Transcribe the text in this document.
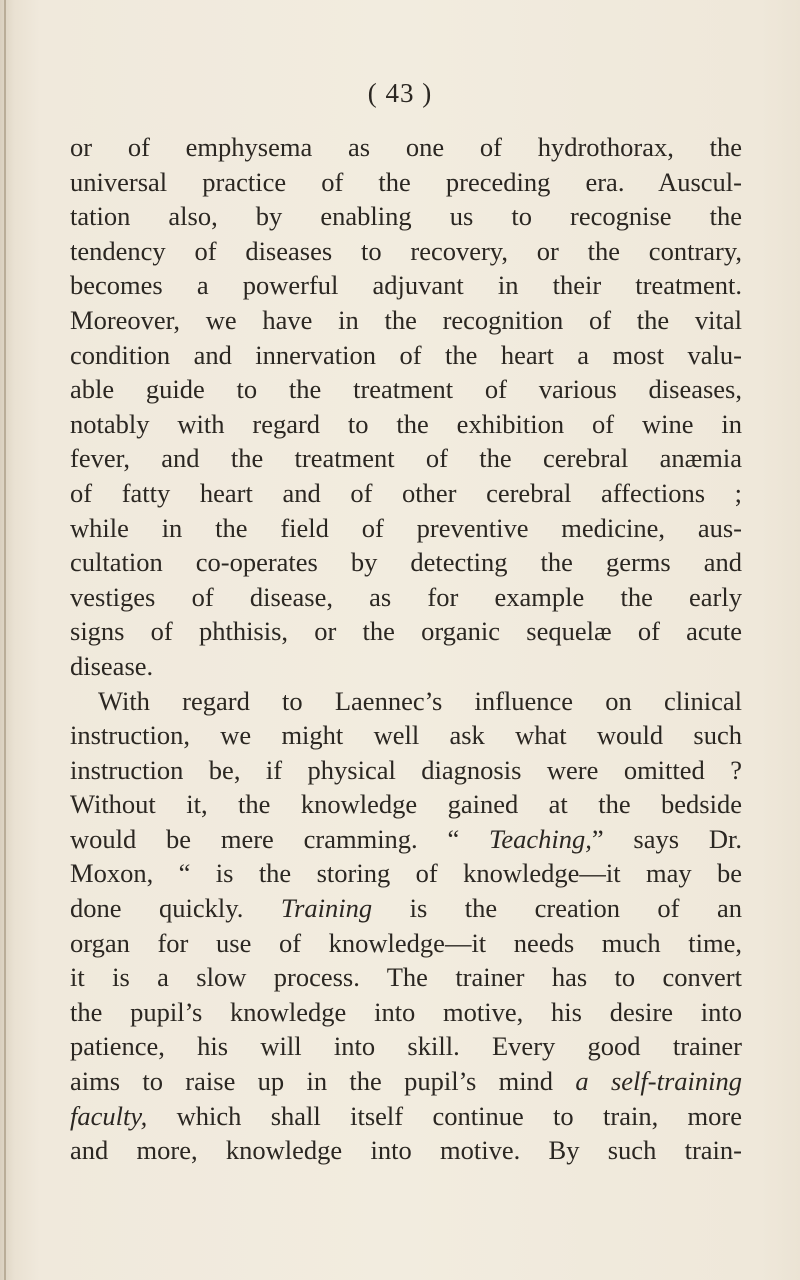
( 43 )
or of emphysema as one of hydrothorax, the
universal practice of the preceding era. Auscul-
tation also, by enabling us to recognise the
tendency of diseases to recovery, or the contrary,
becomes a powerful adjuvant in their treatment.
Moreover, we have in the recognition of the vital
condition and innervation of the heart a most valu-
able guide to the treatment of various diseases,
notably with regard to the exhibition of wine in
fever, and the treatment of the cerebral anæmia
of fatty heart and of other cerebral affections ;
while in the field of preventive medicine, aus-
cultation co-operates by detecting the germs and
vestiges of disease, as for example the early
signs of phthisis, or the organic sequelæ of acute
disease.
With regard to Laennec’s influence on clinical
instruction, we might well ask what would such
instruction be, if physical diagnosis were omitted ?
Without it, the knowledge gained at the bedside
would be mere cramming. “ Teaching,” says Dr.
Moxon, “ is the storing of knowledge—it may be
done quickly. Training is the creation of an
organ for use of knowledge—it needs much time,
it is a slow process. The trainer has to convert
the pupil’s knowledge into motive, his desire into
patience, his will into skill. Every good trainer
aims to raise up in the pupil’s mind a self-training
faculty, which shall itself continue to train, more
and more, knowledge into motive. By such train-
